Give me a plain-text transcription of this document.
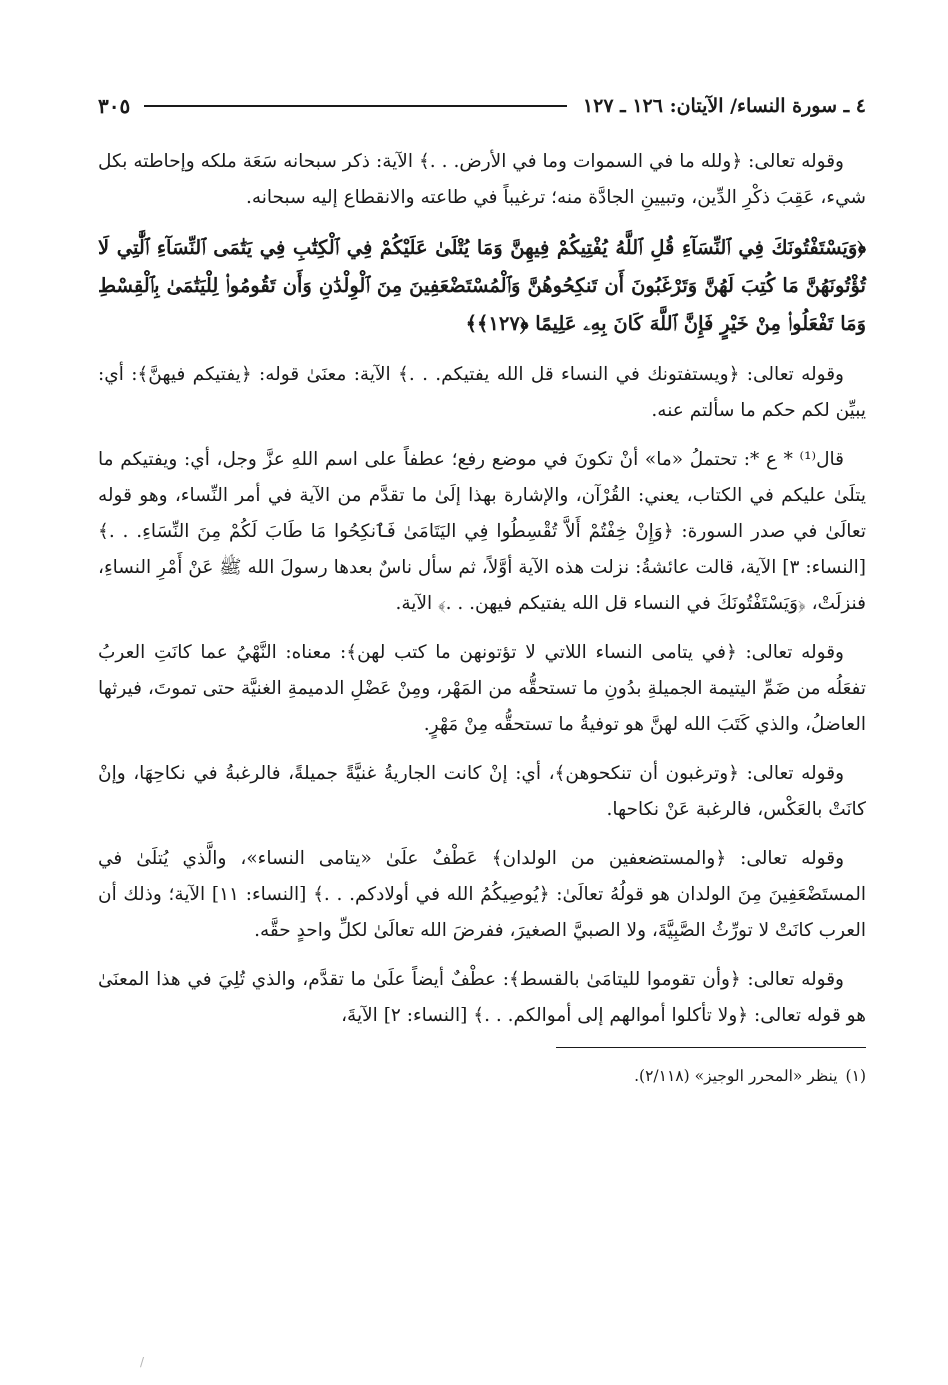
٤ ـ سورة النساء/ الآيتان: ١٢٦ ـ ١٢٧
٣٠٥

وقوله تعالى: ﴿ولله ما في السموات وما في الأرض. . .﴾ الآية: ذكر سبحانه سَعَة ملكه وإحاطته بكل شيء، عَقِبَ ذكْرِ الدِّين، وتبيينِ الجادَّة منه؛ ترغيباً في طاعته والانقطاع إليه سبحانه.

﴿وَيَسْتَفْتُونَكَ فِي ٱلنِّسَآءِ قُلِ ٱللَّهُ يُفْتِيكُمْ فِيهِنَّ وَمَا يُتْلَىٰ عَلَيْكُمْ فِي ٱلْكِتَٰبِ فِي يَتَٰمَى ٱلنِّسَآءِ ٱلَّٰتِي لَا تُؤْتُونَهُنَّ مَا كُتِبَ لَهُنَّ وَتَرْغَبُونَ أَن تَنكِحُوهُنَّ وَٱلْمُسْتَضْعَفِينَ مِنَ ٱلْوِلْدَٰنِ وَأَن تَقُومُوا۟ لِلْيَتَٰمَىٰ بِٱلْقِسْطِ وَمَا تَفْعَلُوا۟ مِنْ خَيْرٍ فَإِنَّ ٱللَّهَ كَانَ بِهِۦ عَلِيمًا ﴿١٢٧﴾﴾

وقوله تعالى: ﴿ويستفتونك في النساء قل الله يفتيكم. . .﴾ الآية: معنَىٰ قوله: ﴿يفتيكم فيهنَّ﴾: أي: يبيِّن لكم حكم ما سألتم عنه.

قال⁽¹⁾ * ع *: تحتملُ «ما» أنْ تكونَ في موضع رفع؛ عطفاً على اسم اللهِ عزَّ وجل، أي: ويفتيكم ما يتلَىٰ عليكم في الكتاب، يعني: القُرْآن، والإشارة بهذا إلَىٰ ما تقدَّم من الآية في أمر النِّساء، وهو قوله تعالَىٰ في صدر السورة: ﴿وَإِنْ خِفْتُمْ أَلاَّ تُقْسِطُوا فِي اليَتَامَىٰ فَٱنكِحُوا مَا طَابَ لَكُمْ مِنَ النِّسَاءِ. . .﴾ [النساء: ٣] الآية، قالت عائشةُ: نزلت هذه الآية أوَّلاً، ثم سأل ناسٌ بعدها رسولَ الله ﷺ عَنْ أَمْرِ النساءِ، فنزلَتْ، ﴿وَيَسْتَفْتُونَكَ في النساء قل الله يفتيكم فيهن. . .﴾ الآية.

وقوله تعالى: ﴿في يتامى النساء اللاتي لا تؤتونهن ما كتب لهن﴾: معناه: النَّهْيُ عما كانَتِ العربُ تفعَلُه من ضَمِّ اليتيمة الجميلةِ بدُونِ ما تستحقُّه من المَهْر، ومِنْ عَضْلِ الدميمةِ الغنيَّة حتى تموتَ، فيرثها العاضلُ، والذي كَتَبَ الله لهنَّ هو توفيةُ ما تستحقُّه مِنْ مَهْرٍ.

وقوله تعالى: ﴿وترغبون أن تنكحوهن﴾، أي: إنْ كانت الجاريةُ غنيَّةً جميلةً، فالرغبةُ في نكاحِهَا، وإنْ كانَتْ بالعَكْس، فالرغبة عَنْ نكاحها.

وقوله تعالى: ﴿والمستضعفين من الولدان﴾ عَطْفٌ علَىٰ «يتامى النساء»، والَّذي يُتلَىٰ في المستَضْعَفِينَ مِنَ الولدان هو قولُهُ تعالَىٰ: ﴿يُوصِيكُمُ الله في أولادكم. . .﴾ [النساء: ١١] الآية؛ وذلك أن العرب كانَتْ لا تورِّثُ الصَّبِيَّةَ، ولا الصبيَّ الصغيرَ، ففرضَ الله تعالَىٰ لكلِّ واحدٍ حقَّه.

وقوله تعالى: ﴿وأن تقوموا لليتامَىٰ بالقسط﴾: عطْفٌ أيضاً علَىٰ ما تقدَّم، والذي تُلِيَ في هذا المعنَىٰ هو قوله تعالى: ﴿ولا تأكلوا أموالهم إلى أموالكم. . .﴾ [النساء: ٢] الآيةَ،

(١)ينظر «المحرر الوجيز» (٢/١١٨).
/
